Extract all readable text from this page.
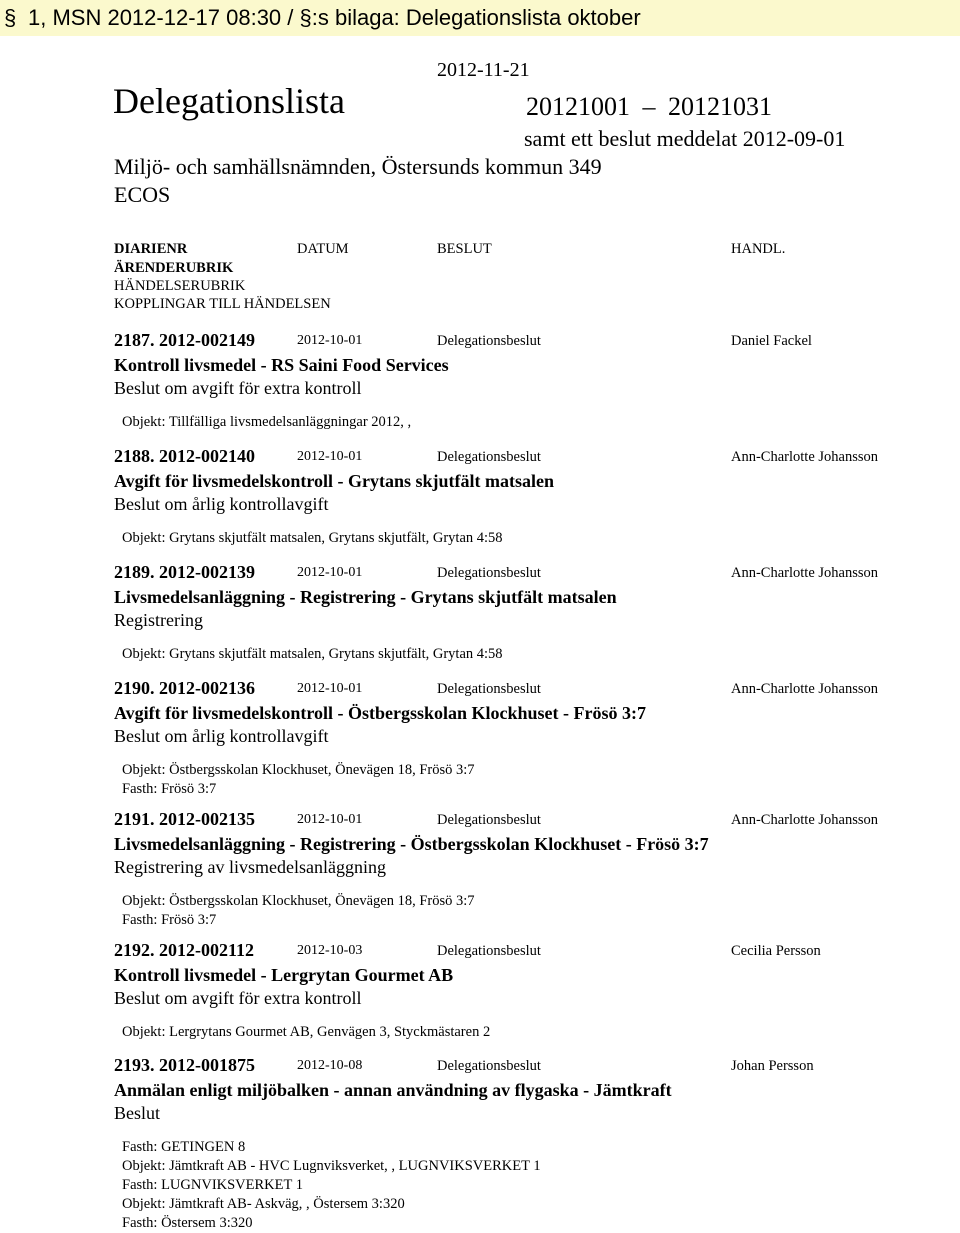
§ 1, MSN 2012-12-17 08:30 / §:s bilaga: Delegationslista oktober
2012-11-21
Delegationslista	20121001 – 20121031
samt ett beslut meddelat 2012-09-01
Miljö- och samhällsnämnden, Östersunds kommun 349
ECOS
DIARIENR	DATUM	BESLUT	HANDL.
ÄRENDERUBRIK
HÄNDELSERUBRIK
KOPPLINGAR TILL HÄNDELSEN
2187. 2012-002149	2012-10-01	Delegationsbeslut	Daniel Fackel
Kontroll livsmedel - RS Saini Food Services
Beslut om avgift för extra kontroll
Objekt: Tillfälliga livsmedelsanläggningar 2012, ,
2188. 2012-002140	2012-10-01	Delegationsbeslut	Ann-Charlotte Johansson
Avgift för livsmedelskontroll - Grytans skjutfält matsalen
Beslut om årlig kontrollavgift
Objekt: Grytans skjutfält matsalen, Grytans skjutfält, Grytan 4:58
2189. 2012-002139	2012-10-01	Delegationsbeslut	Ann-Charlotte Johansson
Livsmedelsanläggning - Registrering - Grytans skjutfält matsalen
Registrering
Objekt: Grytans skjutfält matsalen, Grytans skjutfält, Grytan 4:58
2190. 2012-002136	2012-10-01	Delegationsbeslut	Ann-Charlotte Johansson
Avgift för livsmedelskontroll - Östbergsskolan Klockhuset - Frösö 3:7
Beslut om årlig kontrollavgift
Objekt: Östbergsskolan Klockhuset, Önevägen 18, Frösö 3:7
Fasth: Frösö 3:7
2191. 2012-002135	2012-10-01	Delegationsbeslut	Ann-Charlotte Johansson
Livsmedelsanläggning - Registrering - Östbergsskolan Klockhuset - Frösö 3:7
Registrering av livsmedelsanläggning
Objekt: Östbergsskolan Klockhuset, Önevägen 18, Frösö 3:7
Fasth: Frösö 3:7
2192. 2012-002112	2012-10-03	Delegationsbeslut	Cecilia Persson
Kontroll livsmedel - Lergrytan Gourmet AB
Beslut om avgift för extra kontroll
Objekt: Lergrytans Gourmet AB, Genvägen 3, Styckmästaren 2
2193. 2012-001875	2012-10-08	Delegationsbeslut	Johan Persson
Anmälan enligt miljöbalken - annan användning av flygaska - Jämtkraft
Beslut
Fasth: GETINGEN 8
Objekt: Jämtkraft AB - HVC Lugnviksverket, , LUGNVIKSVERKET 1
Fasth: LUGNVIKSVERKET 1
Objekt: Jämtkraft AB- Askväg, , Östersem 3:320
Fasth: Östersem 3:320
